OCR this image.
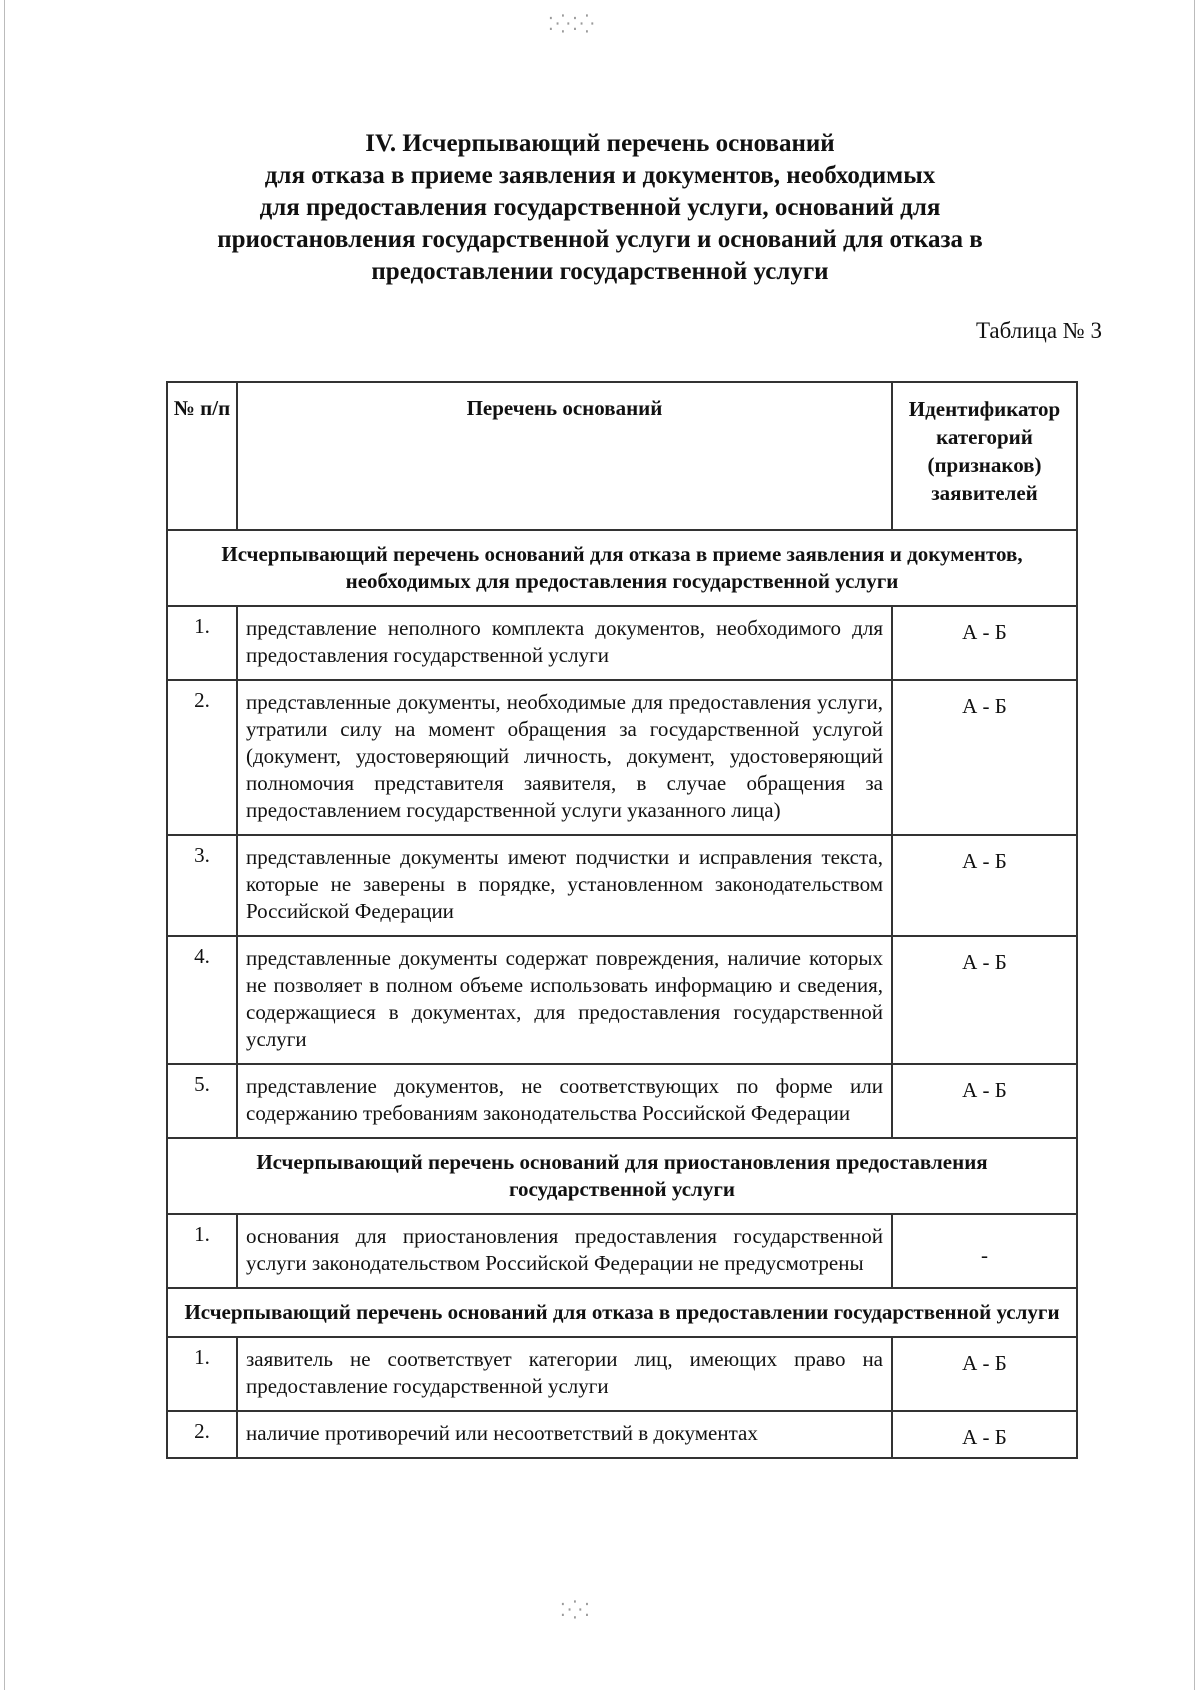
⁚⁛⁚⁛
⁚⁛⁚
IV. Исчерпывающий перечень оснований
для отказа в приеме заявления и документов, необходимых
для предоставления государственной услуги, оснований для
приостановления государственной услуги и оснований для отказа в
предоставлении государственной услуги
Таблица № 3
№ п/п	Перечень оснований	Идентификатор категорий (признаков) заявителей
Исчерпывающий перечень оснований для отказа в приеме заявления и документов, необходимых для предоставления государственной услуги		
1.	представление неполного комплекта документов, необходимого для предоставления государственной услуги	А - Б
2.	представленные документы, необходимые для предоставления услуги, утратили силу на момент обращения за государственной услугой (документ, удостоверяющий личность, документ, удостоверяющий полномочия представителя заявителя, в случае обращения за предоставлением государственной услуги указанного лица)	А - Б
3.	представленные документы имеют подчистки и исправления текста, которые не заверены в порядке, установленном законодательством Российской Федерации	А - Б
4.	представленные документы содержат повреждения, наличие которых не позволяет в полном объеме использовать информацию и сведения, содержащиеся в документах, для предоставления государственной услуги	А - Б
5.	представление документов, не соответствующих по форме или содержанию требованиям законодательства Российской Федерации	А - Б
Исчерпывающий перечень оснований для приостановления предоставления государственной услуги		
1.	основания для приостановления предоставления государственной услуги законодательством Российской Федерации не предусмотрены	-
Исчерпывающий перечень оснований для отказа в предоставлении государственной услуги		
1.	заявитель не соответствует категории лиц, имеющих право на предоставление государственной услуги	А - Б
2.	наличие противоречий или несоответствий в документах	А - Б
